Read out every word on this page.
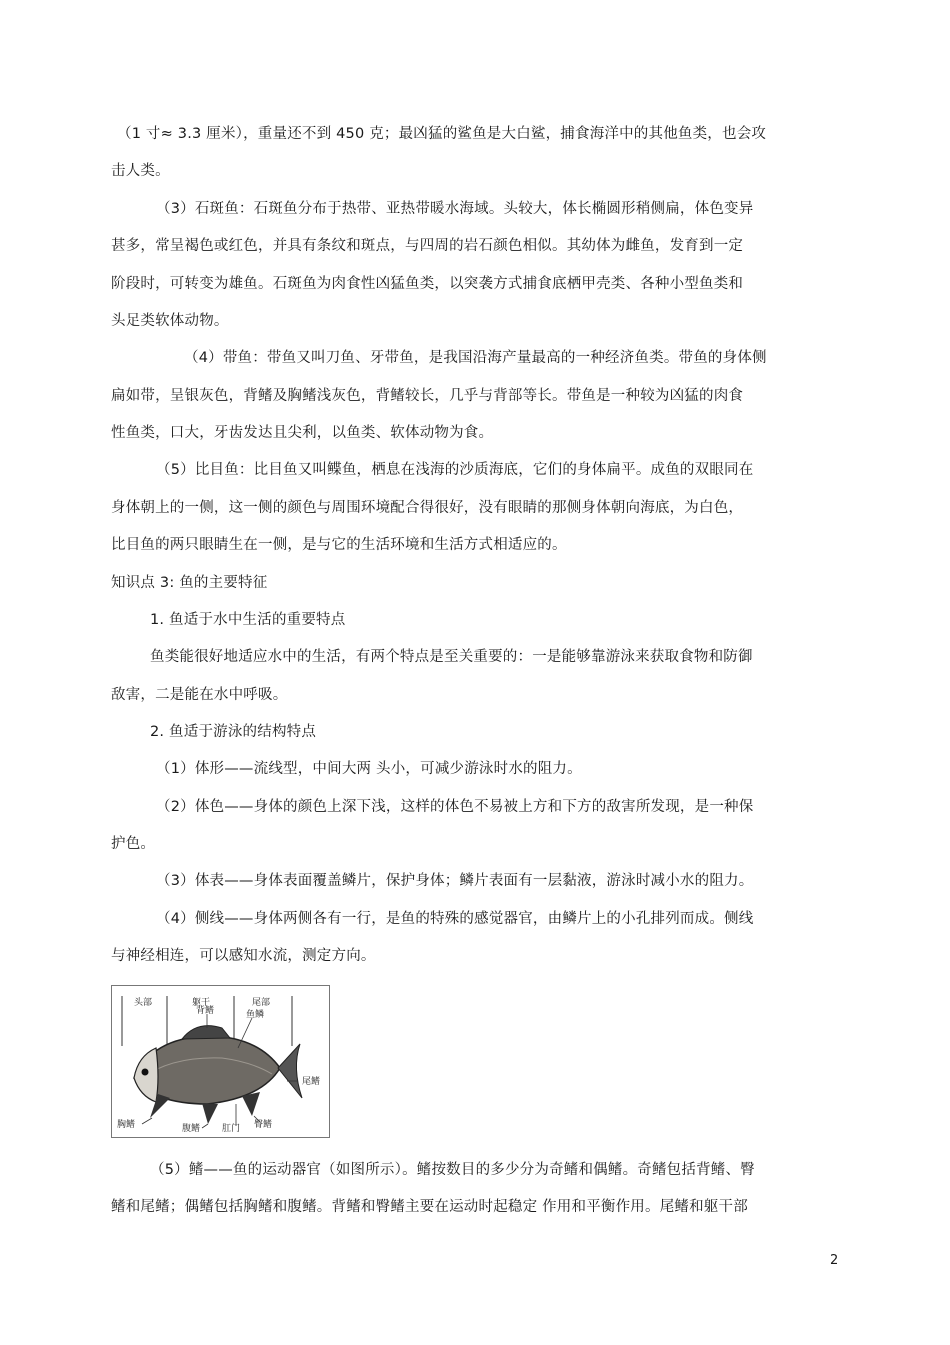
（1 寸≈ 3.3 厘米），重量还不到 450 克；最凶猛的鲨鱼是大白鲨，捕食海洋中的其他鱼类，也会攻
击人类。
（3）石斑鱼：石斑鱼分布于热带、亚热带暖水海域。头较大，体长椭圆形稍侧扁，体色变异
甚多，常呈褐色或红色，并具有条纹和斑点，与四周的岩石颜色相似。其幼体为雌鱼，发育到一定
阶段时，可转变为雄鱼。石斑鱼为肉食性凶猛鱼类，以突袭方式捕食底栖甲壳类、各种小型鱼类和
头足类软体动物。
（4）带鱼：带鱼又叫刀鱼、牙带鱼，是我国沿海产量最高的一种经济鱼类。带鱼的身体侧
扁如带，呈银灰色，背鳍及胸鳍浅灰色，背鳍较长，几乎与背部等长。带鱼是一种较为凶猛的肉食
性鱼类，口大，牙齿发达且尖利，以鱼类、软体动物为食。
（5）比目鱼：比目鱼又叫鲽鱼，栖息在浅海的沙质海底，它们的身体扁平。成鱼的双眼同在
身体朝上的一侧，这一侧的颜色与周围环境配合得很好，没有眼睛的那侧身体朝向海底，为白色，
比目鱼的两只眼睛生在一侧，是与它的生活环境和生活方式相适应的。
知识点 3: 鱼的主要特征
1. 鱼适于水中生活的重要特点
鱼类能很好地适应水中的生活，有两个特点是至关重要的：一是能够靠游泳来获取食物和防御
敌害，二是能在水中呼吸。
2. 鱼适于游泳的结构特点
（1）体形——流线型，中间大两 头小，可减少游泳时水的阻力。
（2）体色——身体的颜色上深下浅，这样的体色不易被上方和下方的敌害所发现，是一种保
护色。
（3）体表——身体表面覆盖鳞片，保护身体；鳞片表面有一层黏液，游泳时减小水的阻力。
（4）侧线——身体两侧各有一行，是鱼的特殊的感觉器官，由鳞片上的小孔排列而成。侧线
与神经相连，可以感知水流，测定方向。
头部	躯干	尾部
背鳍	鱼鳞
尾鳍
胸鳍	腹鳍 肛门 臀鳍
（5）鳍——鱼的运动器官（如图所示）。鳍按数目的多少分为奇鳍和偶鳍。奇鳍包括背鳍、臀
鳍和尾鳍；偶鳍包括胸鳍和腹鳍。背鳍和臀鳍主要在运动时起稳定 作用和平衡作用。尾鳍和躯干部
2
